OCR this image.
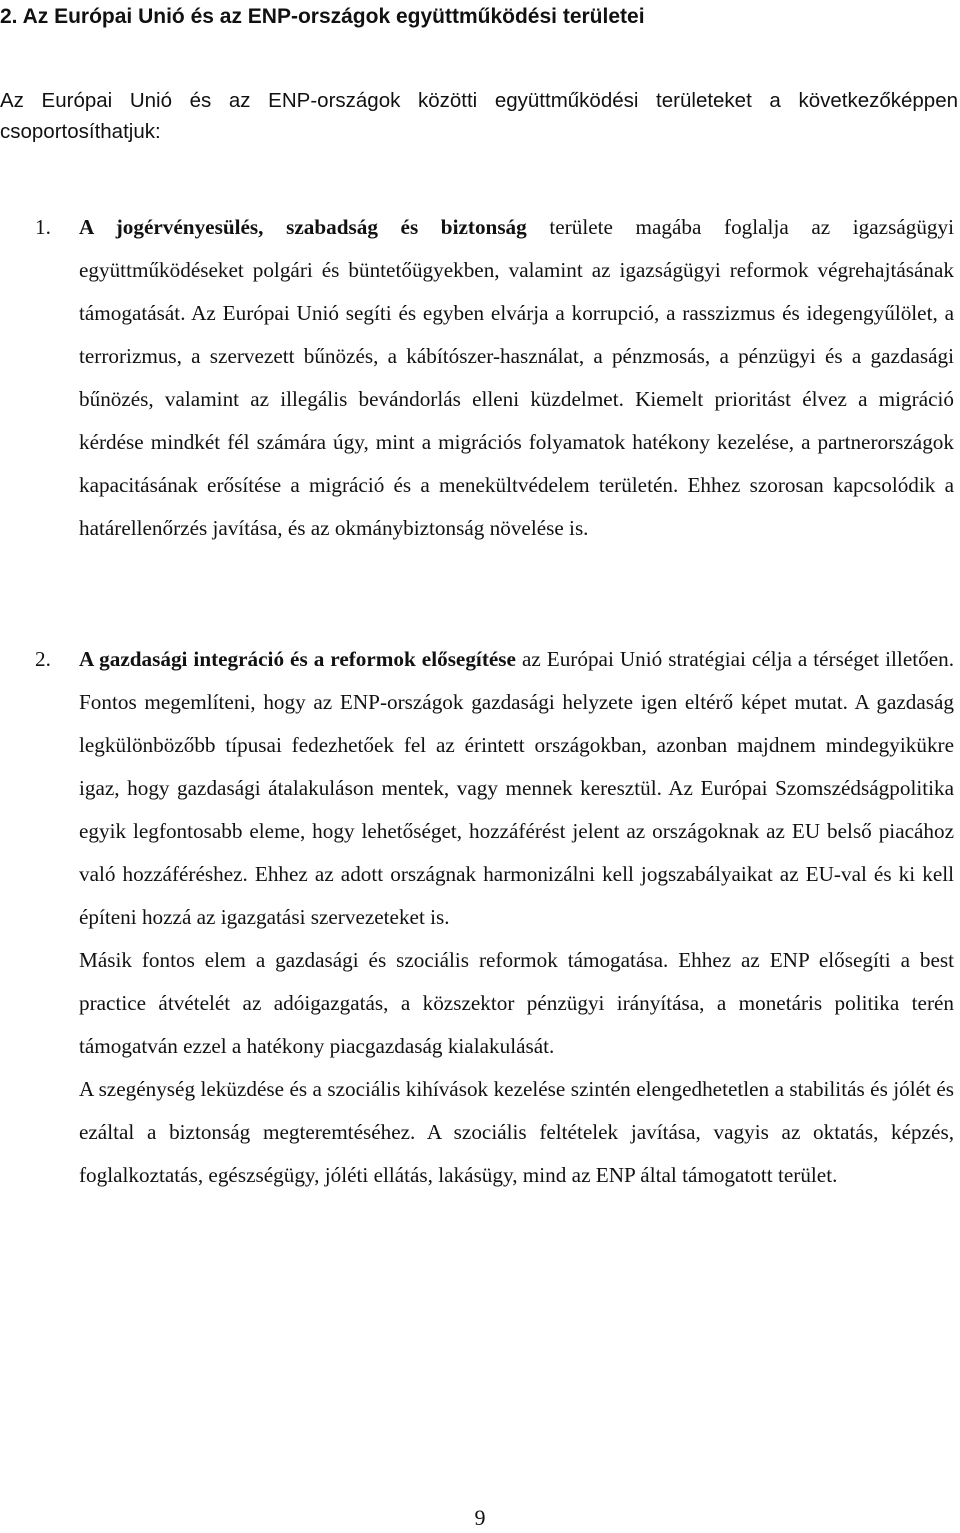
2. Az Európai Unió és az ENP-országok együttműködési területei
Az Európai Unió és az ENP-országok közötti együttműködési területeket a következőképpen csoportosíthatjuk:
1. A jogérvényesülés, szabadság és biztonság területe magába foglalja az igazságügyi együttműködéseket polgári és büntetőügyekben, valamint az igazságügyi reformok végrehajtásának támogatását. Az Európai Unió segíti és egyben elvárja a korrupció, a rasszizmus és idegengyűlölet, a terrorizmus, a szervezett bűnözés, a kábítószer-használat, a pénzmosás, a pénzügyi és a gazdasági bűnözés, valamint az illegális bevándorlás elleni küzdelmet. Kiemelt prioritást élvez a migráció kérdése mindkét fél számára úgy, mint a migrációs folyamatok hatékony kezelése, a partnerországok kapacitásának erősítése a migráció és a menekültvédelem területén. Ehhez szorosan kapcsolódik a határellenőrzés javítása, és az okmánybiztonság növelése is.

2. A gazdasági integráció és a reformok elősegítése az Európai Unió stratégiai célja a térséget illetően. Fontos megemlíteni, hogy az ENP-országok gazdasági helyzete igen eltérő képet mutat. A gazdaság legkülönbözőbb típusai fedezhetőek fel az érintett országokban, azonban majdnem mindegyikükre igaz, hogy gazdasági átalakuláson mentek, vagy mennek keresztül. Az Európai Szomszédságpolitika egyik legfontosabb eleme, hogy lehetőséget, hozzáférést jelent az országoknak az EU belső piacához való hozzáféréshez. Ehhez az adott országnak harmonizálni kell jogszabályaikat az EU-val és ki kell építeni hozzá az igazgatási szervezeteket is.

Másik fontos elem a gazdasági és szociális reformok támogatása. Ehhez az ENP elősegíti a best practice átvételét az adóigazgatás, a közszektor pénzügyi irányítása, a monetáris politika terén támogatván ezzel a hatékony piacgazdaság kialakulását.

A szegénység leküzdése és a szociális kihívások kezelése szintén elengedhetetlen a stabilitás és jólét és ezáltal a biztonság megteremtéséhez. A szociális feltételek javítása, vagyis az oktatás, képzés, foglalkoztatás, egészségügy, jóléti ellátás, lakásügy, mind az ENP által támogatott terület.

9
